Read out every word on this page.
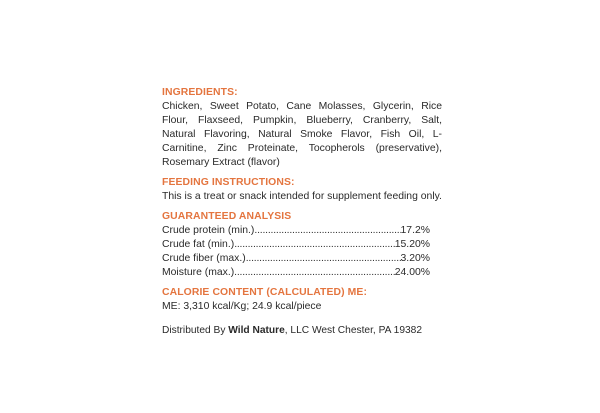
INGREDIENTS:
Chicken, Sweet Potato, Cane Molasses, Glycerin, Rice Flour, Flaxseed, Pumpkin, Blueberry, Cranberry, Salt, Natural Flavoring, Natural Smoke Flavor, Fish Oil, L-Carnitine, Zinc Proteinate, Tocopherols (preservative), Rosemary Extract (flavor)
FEEDING INSTRUCTIONS:
This is a treat or snack intended for supplement feeding only.
GUARANTEED ANALYSIS
Crude protein (min.) .....	17.2%
Crude fat (min.) .....	15.20%
Crude fiber (max.) .....	3.20%
Moisture (max.) .....	24.00%
CALORIE CONTENT (CALCULATED) ME:
ME: 3,310 kcal/Kg; 24.9 kcal/piece
Distributed By Wild Nature, LLC West Chester, PA 19382
